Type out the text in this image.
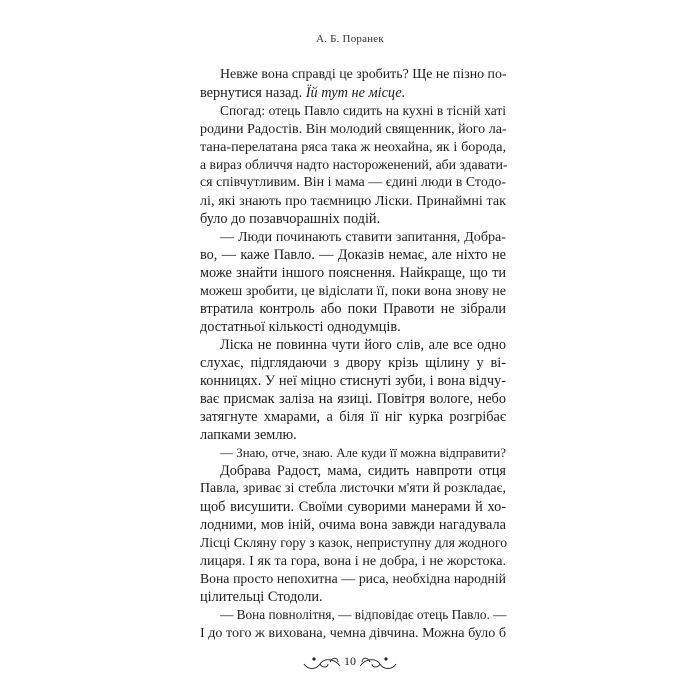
А. Б. Поранек
Невже вона справді це зробить? Ще не пізно по-
вернутися назад. Їй тут не місце.
Спогад: отець Павло сидить на кухні в тісній хаті
родини Радостів. Він молодий священник, його ла-
тана-перелатана ряса така ж неохайна, як і борода,
а вираз обличчя надто настороженений, аби здавати-
ся співчутливим. Він і мама — єдині люди в Стодо-
лі, які знають про таємницю Ліски. Принаймні так
було до позавчорашніх подій.
— Люди починають ставити запитання, Добра-
во, — каже Павло. — Доказів немає, але ніхто не
може знайти іншого пояснення. Найкраще, що ти
можеш зробити, це відіслати її, поки вона знову не
втратила контроль або поки Правоти не зібрали
достатньої кількості однодумців.
Ліска не повинна чути його слів, але все одно
слухає, підглядаючи з двору крізь щілину у ві-
конницях. У неї міцно стиснуті зуби, і вона відчу-
ває присмак заліза на язиці. Повітря вологе, небо
затягнуте хмарами, а біля її ніг курка розгрібає
лапками землю.
— Знаю, отче, знаю. Але куди її можна відправити?
Добрава Радост, мама, сидить навпроти отця
Павла, зриває зі стебла листочки м'яти й розкладає,
щоб висушити. Своїми суворими манерами й хо-
лодними, мов іній, очима вона завжди нагадувала
Лісці Скляну гору з казок, неприступну для жодного
лицаря. І як та гора, вона і не добра, і не жорстока.
Вона просто непохитна — риса, необхідна народній
цілительці Стодоли.
— Вона повнолітня, — відповідає отець Павло. —
І до того ж вихована, чемна дівчина. Можна було б
10
